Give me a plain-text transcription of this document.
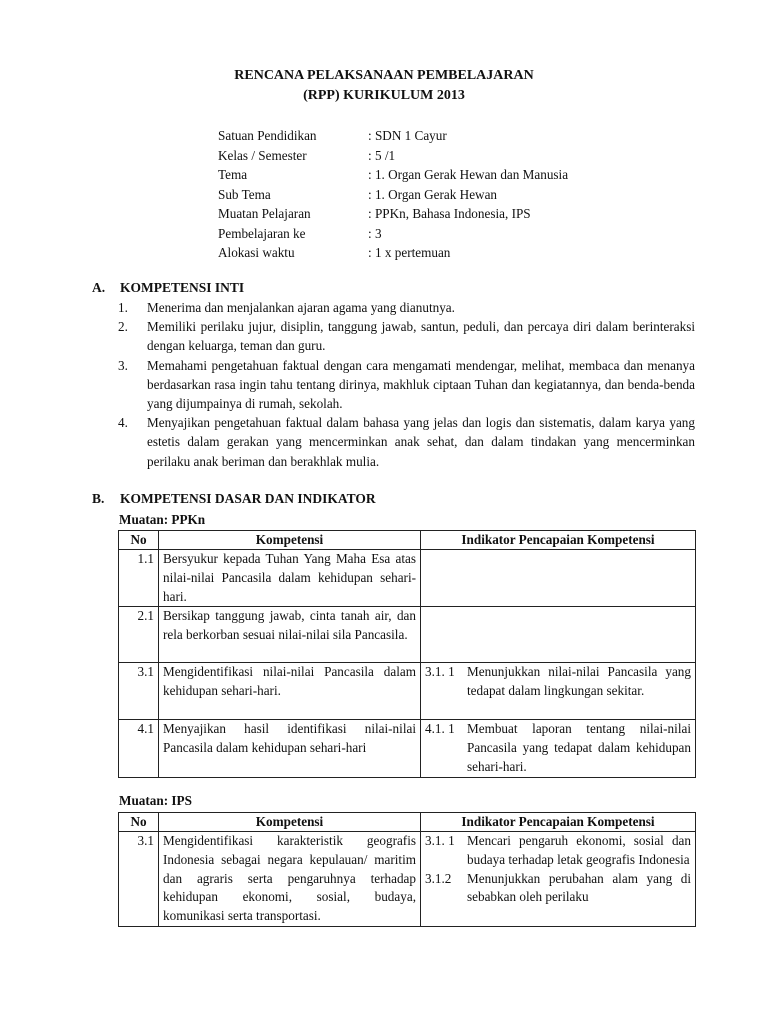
RENCANA PELAKSANAAN PEMBELAJARAN
(RPP) KURIKULUM 2013
Satuan Pendidikan	: SDN 1 Cayur
Kelas / Semester	: 5 /1
Tema	: 1. Organ Gerak Hewan dan Manusia
Sub Tema	: 1. Organ Gerak Hewan
Muatan Pelajaran	: PPKn, Bahasa Indonesia, IPS
Pembelajaran ke	: 3
Alokasi waktu	: 1 x pertemuan
A. KOMPETENSI INTI
1. Menerima dan menjalankan ajaran agama yang dianutnya.
2. Memiliki perilaku jujur, disiplin, tanggung jawab, santun, peduli, dan percaya diri dalam berinteraksi dengan keluarga, teman dan guru.
3. Memahami pengetahuan faktual dengan cara mengamati mendengar, melihat, membaca dan menanya berdasarkan rasa ingin tahu tentang dirinya, makhluk ciptaan Tuhan dan kegiatannya, dan benda-benda yang dijumpainya di rumah, sekolah.
4. Menyajikan pengetahuan faktual dalam bahasa yang jelas dan logis dan sistematis, dalam karya yang estetis dalam gerakan yang mencerminkan anak sehat, dan dalam tindakan yang mencerminkan perilaku anak beriman dan berakhlak mulia.
B. KOMPETENSI DASAR DAN INDIKATOR
Muatan: PPKn
No	Kompetensi	Indikator Pencapaian Kompetensi
1.1	Bersyukur kepada Tuhan Yang Maha Esa atas nilai-nilai Pancasila dalam kehidupan sehari-hari.	
2.1	Bersikap tanggung jawab, cinta tanah air, dan rela berkorban sesuai nilai-nilai sila Pancasila.	
3.1	Mengidentifikasi nilai-nilai Pancasila dalam kehidupan sehari-hari.	3.1. 1 Menunjukkan nilai-nilai Pancasila yang tedapat dalam lingkungan sekitar.

4.1	Menyajikan hasil identifikasi nilai-nilai Pancasila dalam kehidupan sehari-hari	4.1. 1 Membuat laporan tentang nilai-nilai Pancasila yang tedapat dalam kehidupan sehari-hari.
Muatan: IPS
No	Kompetensi	Indikator Pencapaian Kompetensi
3.1	Mengidentifikasi karakteristik geografis Indonesia sebagai negara kepulauan/ maritim dan agraris serta pengaruhnya terhadap kehidupan ekonomi, sosial, budaya, komunikasi serta transportasi.	3.1. 1 Mencari pengaruh ekonomi, sosial dan budaya terhadap letak geografis Indonesia
3.1.2 Menunjukkan perubahan alam yang di sebabkan oleh perilaku
